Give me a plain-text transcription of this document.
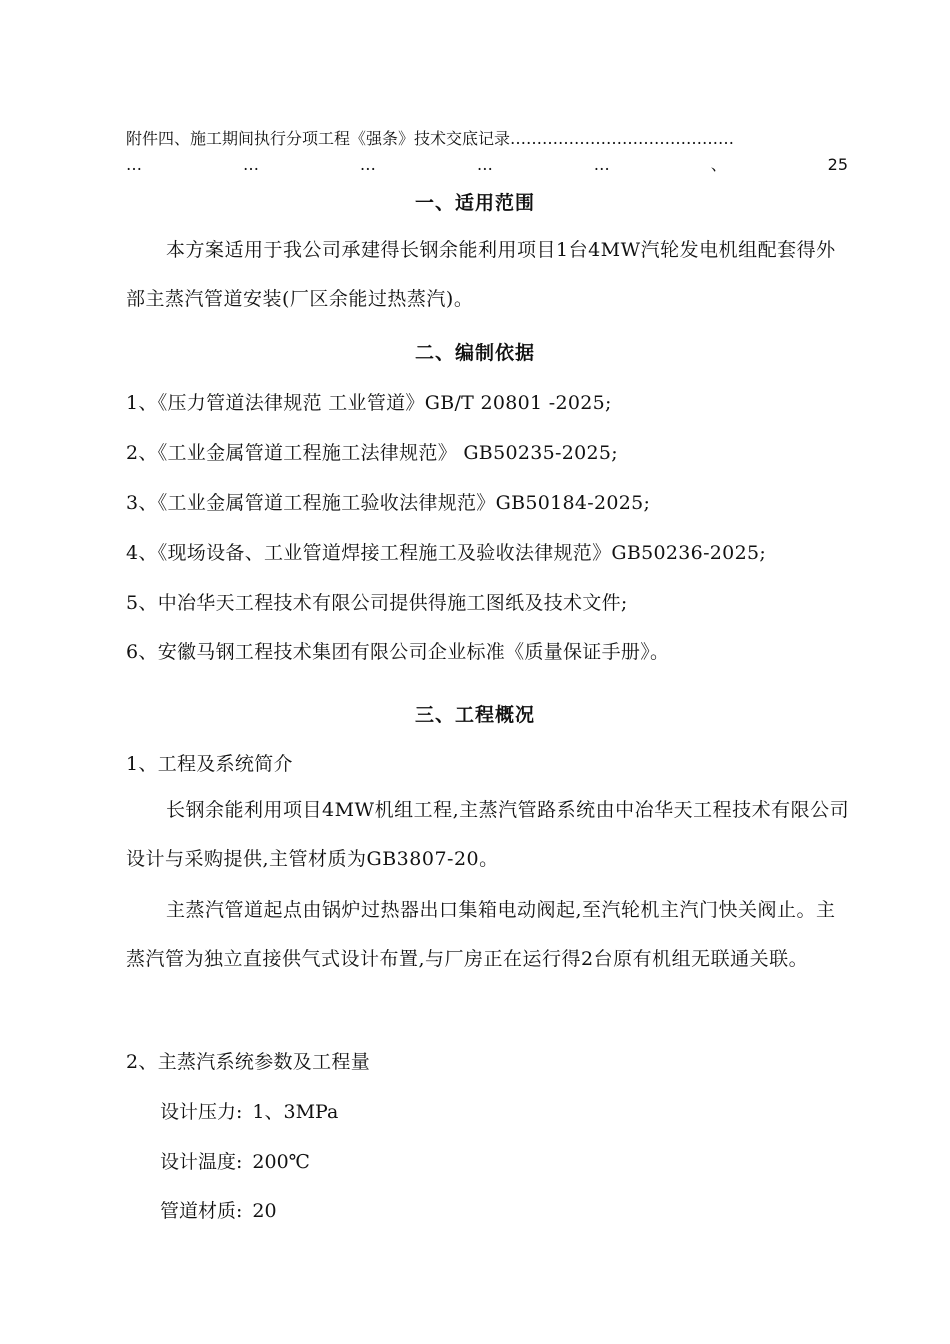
附件四、施工期间执行分项工程《强条》技术交底记录……………………………………
…	…	…	…	…	、	25
一、适用范围
本方案适用于我公司承建得长钢余能利用项目1台4MW汽轮发电机组配套得外部主蒸汽管道安装(厂区余能过热蒸汽)。
二、编制依据
1、《压力管道法律规范 工业管道》GB/T 20801 -2025;
2、《工业金属管道工程施工法律规范》 GB50235-2025;
3、《工业金属管道工程施工验收法律规范》GB50184-2025;
4、《现场设备、工业管道焊接工程施工及验收法律规范》GB50236-2025;
5、中冶华天工程技术有限公司提供得施工图纸及技术文件;
6、安徽马钢工程技术集团有限公司企业标准《质量保证手册》。
三、工程概况
1、工程及系统简介
长钢余能利用项目4MW机组工程,主蒸汽管路系统由中冶华天工程技术有限公司设计与采购提供,主管材质为GB3807-20。
主蒸汽管道起点由锅炉过热器出口集箱电动阀起,至汽轮机主汽门快关阀止。主蒸汽管为独立直接供气式设计布置,与厂房正在运行得2台原有机组无联通关联。
2、主蒸汽系统参数及工程量
设计压力: 1、3MPa
设计温度: 200℃
管道材质: 20
